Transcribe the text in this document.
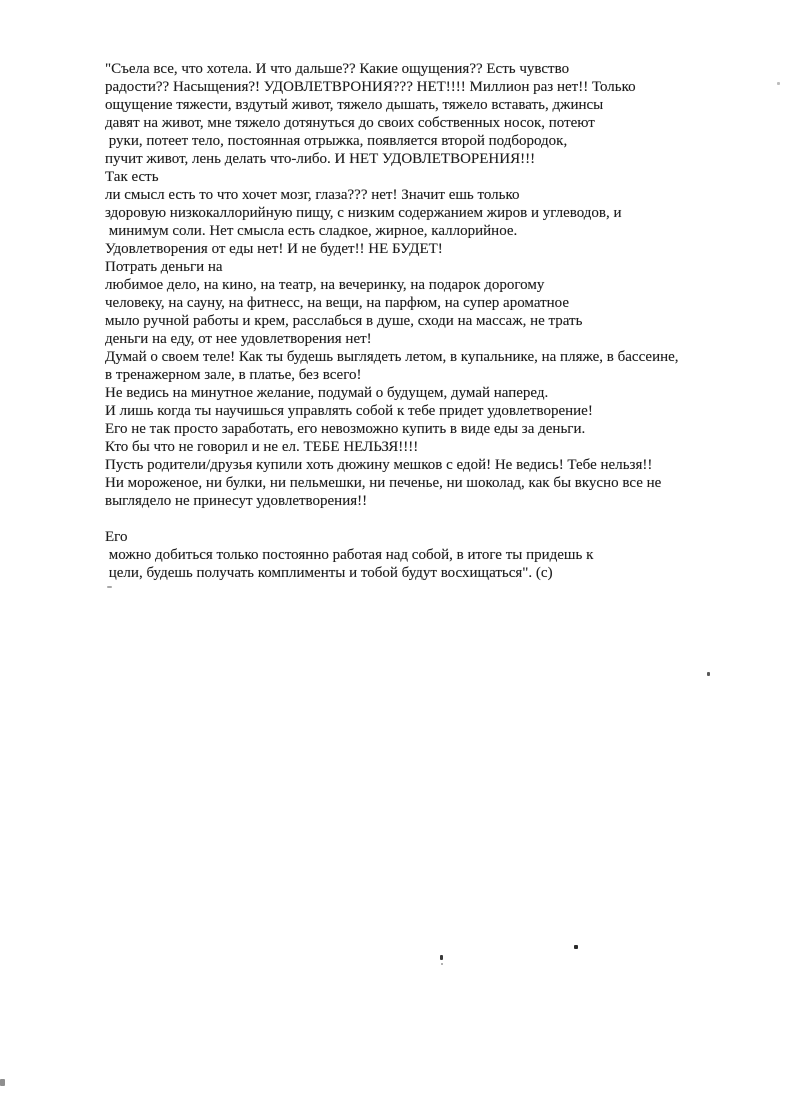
"Съела все, что хотела. И что дальше?? Какие ощущения?? Есть чувство
радости?? Насыщения?! УДОВЛЕТВРОНИЯ??? НЕТ!!!! Миллион раз нет!! Только
ощущение тяжести, вздутый живот, тяжело дышать, тяжело вставать, джинсы
давят на живот, мне тяжело дотянуться до своих собственных носок, потеют
руки, потеет тело, постоянная отрыжка, появляется второй подбородок,
пучит живот, лень делать что-либо. И НЕТ УДОВЛЕТВОРЕНИЯ!!!
Так есть
ли смысл есть то что хочет мозг, глаза??? нет! Значит ешь только
здоровую низкокаллорийную пищу, с низким содержанием жиров и углеводов, и
минимум соли. Нет смысла есть сладкое, жирное, каллорийное.
Удовлетворения от еды нет! И не будет!! НЕ БУДЕТ!
Потрать деньги на
любимое дело, на кино, на театр, на вечеринку, на подарок дорогому
человеку, на сауну, на фитнесс, на вещи, на парфюм, на супер ароматное
мыло ручной работы и крем, расслабься в душе, сходи на массаж, не трать
деньги на еду, от нее удовлетворения нет!
Думай о своем теле! Как ты будешь выглядеть летом, в купальнике, на пляже, в бассеине,
в тренажерном зале, в платье, без всего!
Не ведись на минутное желание, подумай о будущем, думай наперед.
И лишь когда ты научишься управлять собой к тебе придет удовлетворение!
Его не так просто заработать, его невозможно купить в виде еды за деньги.
Кто бы что не говорил и не ел. ТЕБЕ НЕЛЬЗЯ!!!!
Пусть родители/друзья купили хоть дюжину мешков с едой! Не ведись! Тебе нельзя!!
Ни мороженое, ни булки, ни пельмешки, ни печенье, ни шоколад, как бы вкусно все не
выглядело не принесут удовлетворения!!

Его
можно добиться только постоянно работая над собой, в итоге ты придешь к
цели, будешь получать комплименты и тобой будут восхищаться". (с)
